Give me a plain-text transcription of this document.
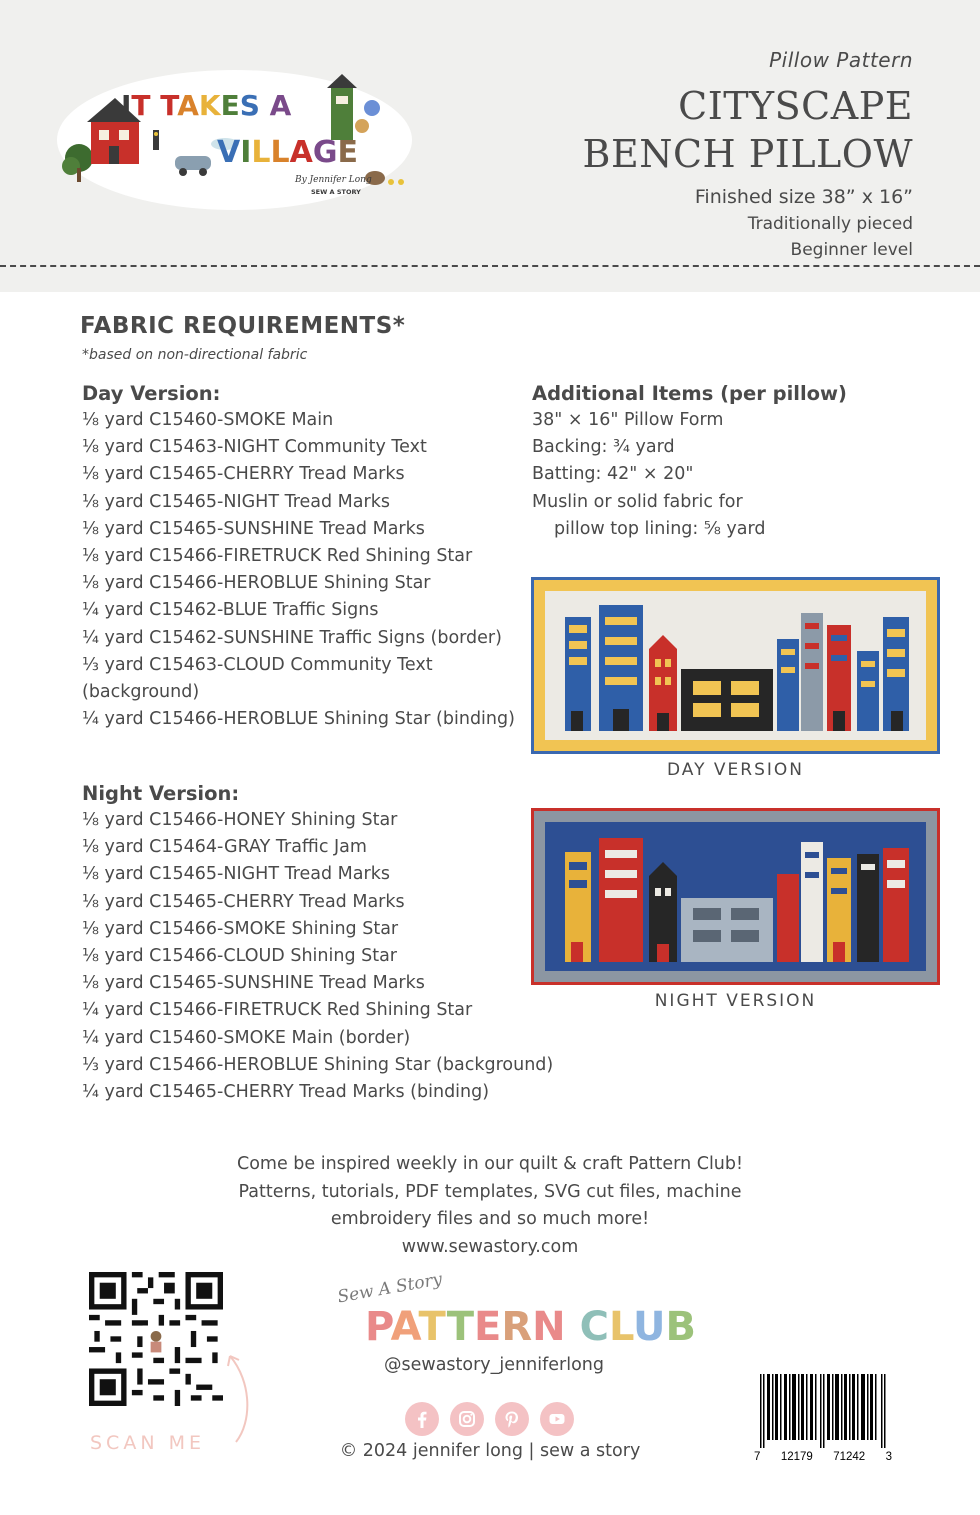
IT TAKES A
VILLAGE
By Jennifer Long
SEW A STORY
Pillow Pattern
CITYSCAPE
BENCH PILLOW
Finished size 38” x 16”
Traditionally pieced
Beginner level
FABRIC REQUIREMENTS*
*based on non-directional fabric
Day Version:
⅛ yard C15460-SMOKE Main
⅛ yard C15463-NIGHT Community Text
⅛ yard C15465-CHERRY Tread Marks
⅛ yard C15465-NIGHT Tread Marks
⅛ yard C15465-SUNSHINE Tread Marks
⅛ yard C15466-FIRETRUCK Red Shining Star
⅛ yard C15466-HEROBLUE Shining Star
¼ yard C15462-BLUE Traffic Signs
¼ yard C15462-SUNSHINE Traffic Signs (border)
⅓ yard C15463-CLOUD Community Text
(background)
¼ yard C15466-HEROBLUE Shining Star (binding)
Additional Items (per pillow)
38" × 16" Pillow Form
Backing: ¾ yard
Batting: 42" × 20"
Muslin or solid fabric for
pillow top lining: ⅝ yard
Night Version:
⅛ yard C15466-HONEY Shining Star
⅛ yard C15464-GRAY Traffic Jam
⅛ yard C15465-NIGHT Tread Marks
⅛ yard C15465-CHERRY Tread Marks
⅛ yard C15466-SMOKE Shining Star
⅛ yard C15466-CLOUD Shining Star
⅛ yard C15465-SUNSHINE Tread Marks
¼ yard C15466-FIRETRUCK Red Shining Star
¼ yard C15460-SMOKE Main (border)
⅓ yard C15466-HEROBLUE Shining Star (background)
¼ yard C15465-CHERRY Tread Marks (binding)
DAY VERSION
NIGHT VERSION
Come be inspired weekly in our quilt & craft Pattern Club!
Patterns, tutorials, PDF templates, SVG cut files, machine
embroidery files and so much more!
www.sewastory.com
SCAN ME
Sew A Story
PATTERN CLUB
@sewastory_jenniferlong
© 2024 jennifer long | sew a story	7 12179 71242 3
